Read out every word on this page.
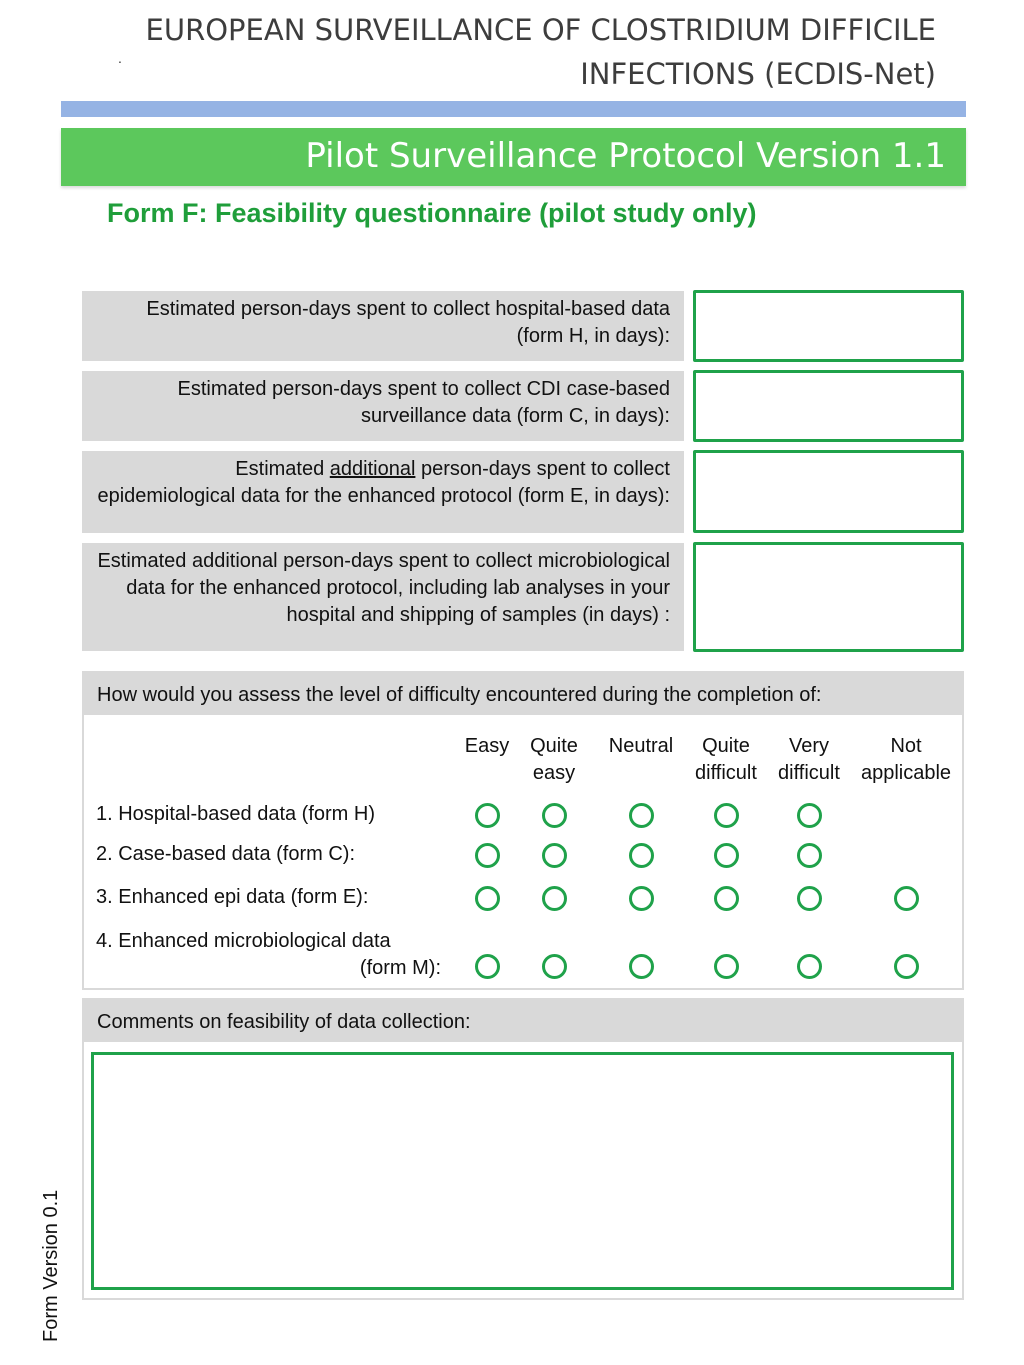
EUROPEAN SURVEILLANCE OF CLOSTRIDIUM DIFFICILE
INFECTIONS (ECDIS-Net)
.
Pilot Surveillance Protocol Version 1.1
Form F: Feasibility questionnaire (pilot study only)
Estimated person-days spent to collect hospital-based data (form H, in days):
Estimated person-days spent to collect CDI case-based surveillance data (form C, in days):
Estimated additional person-days spent to collect epidemiological data for the enhanced protocol (form E, in days):
Estimated additional person-days spent to collect microbiological data for the enhanced protocol, including lab analyses in your hospital and shipping of samples (in days) :
How would you assess the level of difficulty encountered during the completion of:
Easy	Quite
easy
Neutral	Quite
difficult
Very
difficult
Not
applicable
1. Hospital-based data (form H)
2. Case-based data (form C):
3. Enhanced epi data (form E):
4. Enhanced microbiological data
(form M):
Comments on feasibility of data collection:
Form Version 0.1
